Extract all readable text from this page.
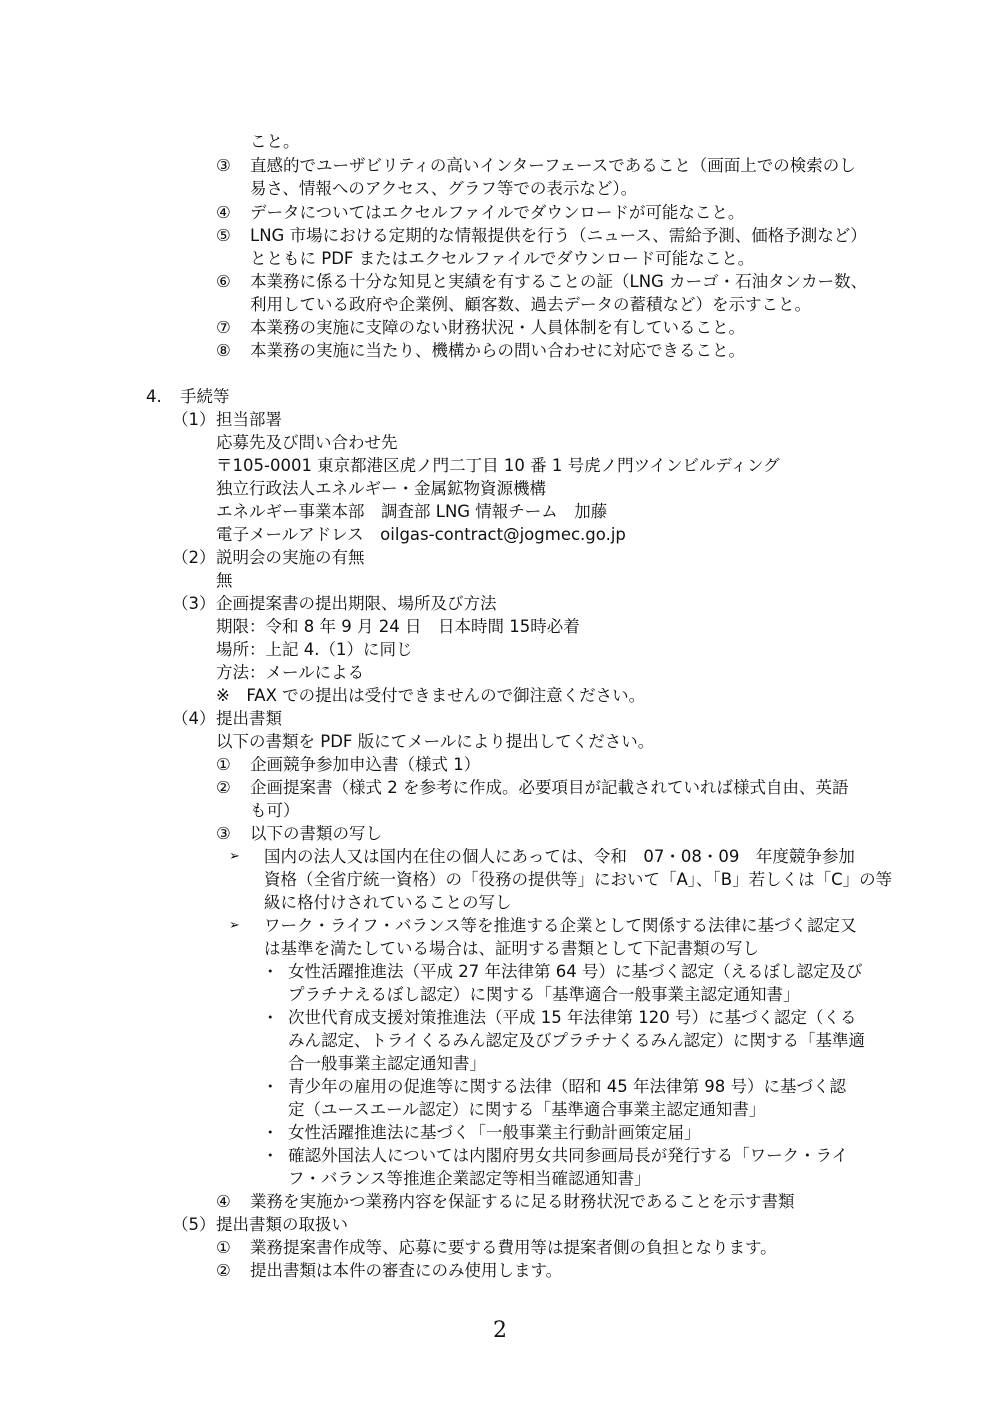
こと。
③ 直感的でユーザビリティの高いインターフェースであること（画面上での検索のし
易さ、情報へのアクセス、グラフ等での表示など）。
④ データについてはエクセルファイルでダウンロードが可能なこと。
⑤ LNG 市場における定期的な情報提供を行う（ニュース、需給予測、価格予測など）
とともに PDF またはエクセルファイルでダウンロード可能なこと。
⑥ 本業務に係る十分な知見と実績を有することの証（LNG カーゴ・石油タンカー数、
利用している政府や企業例、顧客数、過去データの蓄積など）を示すこと。
⑦ 本業務の実施に支障のない財務状況・人員体制を有していること。
⑧ 本業務の実施に当たり、機構からの問い合わせに対応できること。
4. 手続等
（1） 担当部署
応募先及び問い合わせ先
〒105-0001 東京都港区虎ノ門二丁目 10 番 1 号虎ノ門ツインビルディング
独立行政法人エネルギー・金属鉱物資源機構
エネルギー事業本部　調査部 LNG 情報チーム　加藤
電子メールアドレス　oilgas-contract@jogmec.go.jp
（2） 説明会の実施の有無
無
（3） 企画提案書の提出期限、場所及び方法
期限：令和 8 年 9 月 24 日　日本時間 15時必着
場所：上記 4.（1）に同じ
方法：メールによる
※　FAX での提出は受付できませんので御注意ください。
（4） 提出書類
以下の書類を PDF 版にてメールにより提出してください。
① 企画競争参加申込書（様式 1）
② 企画提案書（様式 2 を参考に作成。必要項目が記載されていれば様式自由、英語
も可）
③ 以下の書類の写し
➢ 国内の法人又は国内在住の個人にあっては、令和　07・08・09　年度競争参加
資格（全省庁統一資格）の「役務の提供等」において「A」、「B」若しくは「C」の等
級に格付けされていることの写し
➢ ワーク・ライフ・バランス等を推進する企業として関係する法律に基づく認定又
は基準を満たしている場合は、証明する書類として下記書類の写し
・ 女性活躍推進法（平成 27 年法律第 64 号）に基づく認定（えるぼし認定及び
プラチナえるぼし認定）に関する「基準適合一般事業主認定通知書」
・ 次世代育成支援対策推進法（平成 15 年法律第 120 号）に基づく認定（くる
みん認定、トライくるみん認定及びプラチナくるみん認定）に関する「基準適
合一般事業主認定通知書」
・ 青少年の雇用の促進等に関する法律（昭和 45 年法律第 98 号）に基づく認
定（ユースエール認定）に関する「基準適合事業主認定通知書」
・ 女性活躍推進法に基づく「一般事業主行動計画策定届」
・ 確認外国法人については内閣府男女共同参画局長が発行する「ワーク・ライ
フ・バランス等推進企業認定等相当確認通知書」
④ 業務を実施かつ業務内容を保証するに足る財務状況であることを示す書類
（5） 提出書類の取扱い
① 業務提案書作成等、応募に要する費用等は提案者側の負担となります。
② 提出書類は本件の審査にのみ使用します。
2
